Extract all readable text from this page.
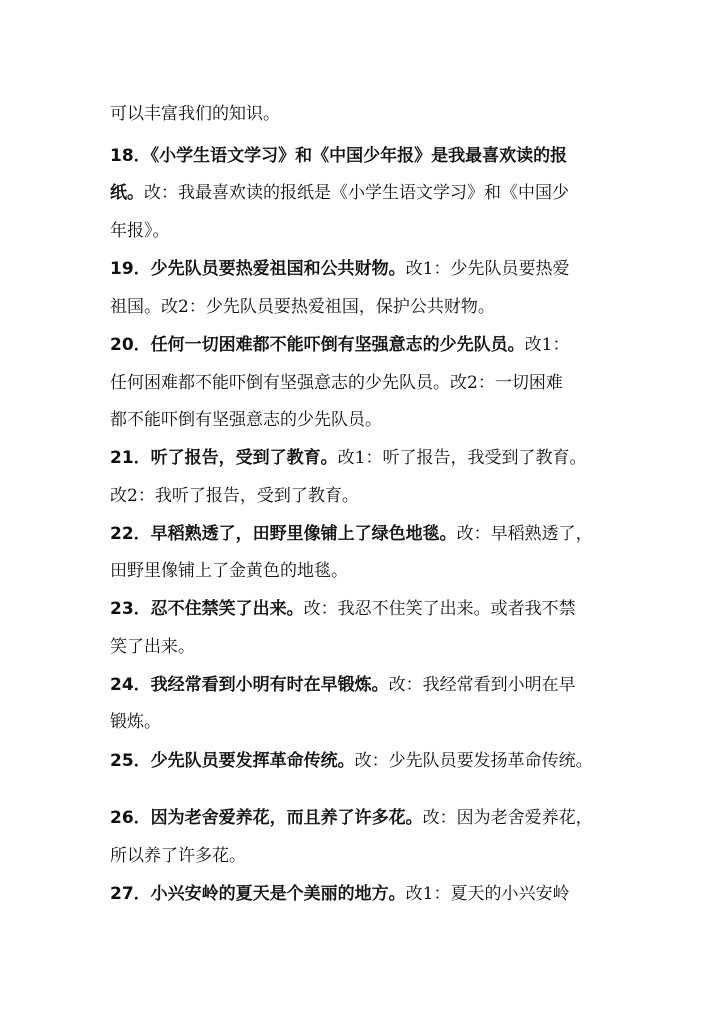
可以丰富我们的知识。
18．《小学生语文学习》和《中国少年报》是我最喜欢读的报
纸。改：我最喜欢读的报纸是《小学生语文学习》和《中国少
年报》。
19．少先队员要热爱祖国和公共财物。改1：少先队员要热爱
祖国。改2：少先队员要热爱祖国，保护公共财物。
20．任何一切困难都不能吓倒有坚强意志的少先队员。改1：
任何困难都不能吓倒有坚强意志的少先队员。改2：一切困难
都不能吓倒有坚强意志的少先队员。
21．听了报告，受到了教育。改1：听了报告，我受到了教育。
改2：我听了报告，受到了教育。
22．早稻熟透了，田野里像铺上了绿色地毯。改：早稻熟透了，
田野里像铺上了金黄色的地毯。
23．忍不住禁笑了出来。改：我忍不住笑了出来。或者我不禁
笑了出来。
24．我经常看到小明有时在早锻炼。改：我经常看到小明在早
锻炼。
25．少先队员要发挥革命传统。改：少先队员要发扬革命传统。
26．因为老舍爱养花，而且养了许多花。改：因为老舍爱养花，
所以养了许多花。
27．小兴安岭的夏天是个美丽的地方。改1：夏天的小兴安岭
